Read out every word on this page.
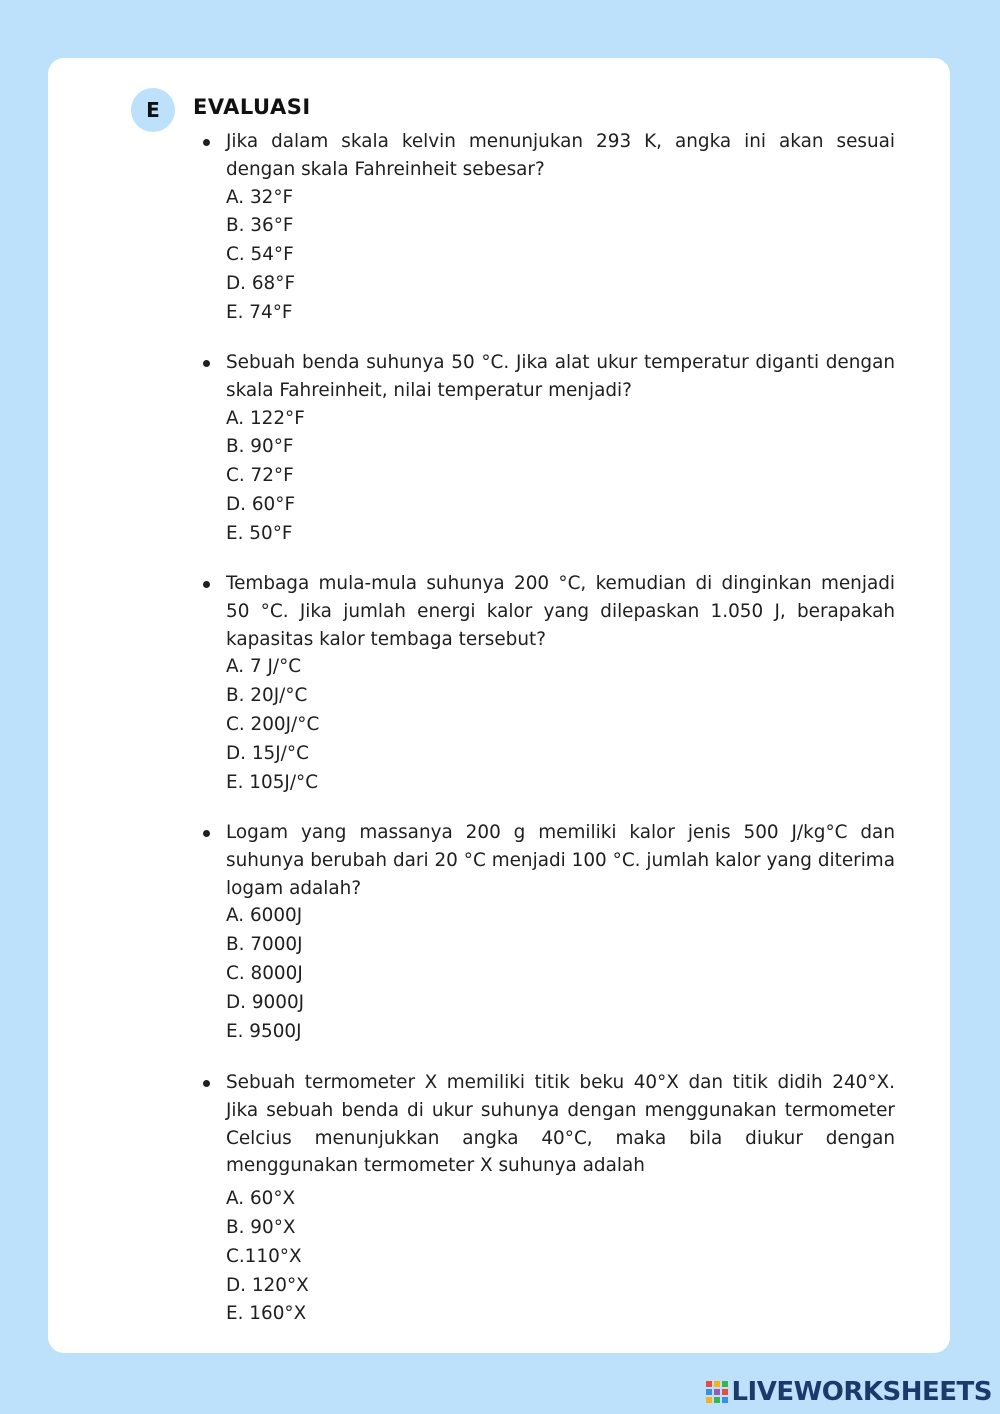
E	EVALUASI
Jika dalam skala kelvin menunjukan 293 K, angka ini akan sesuai dengan skala Fahreinheit sebesar?
A. 32°F
B. 36°F
C. 54°F
D. 68°F
E. 74°F
Sebuah benda suhunya 50 °C. Jika alat ukur temperatur diganti dengan skala Fahreinheit, nilai temperatur menjadi?
A. 122°F
B. 90°F
C. 72°F
D. 60°F
E. 50°F
Tembaga mula-mula suhunya 200 °C, kemudian di dinginkan menjadi 50 °C. Jika jumlah energi kalor yang dilepaskan 1.050 J, berapakah kapasitas kalor tembaga tersebut?
A. 7 J/°C
B. 20J/°C
C. 200J/°C
D. 15J/°C
E. 105J/°C
Logam yang massanya 200 g memiliki kalor jenis 500 J/kg°C dan suhunya berubah dari 20 °C menjadi 100 °C. jumlah kalor yang diterima logam adalah?
A. 6000J
B. 7000J
C. 8000J
D. 9000J
E. 9500J
Sebuah termometer X memiliki titik beku 40°X dan titik didih 240°X. Jika sebuah benda di ukur suhunya dengan menggunakan termometer Celcius menunjukkan angka 40°C, maka bila diukur dengan menggunakan termometer X suhunya adalah
A. 60°X
B. 90°X
C.110°X
D. 120°X
E. 160°X
LIVEWORKSHEETS
